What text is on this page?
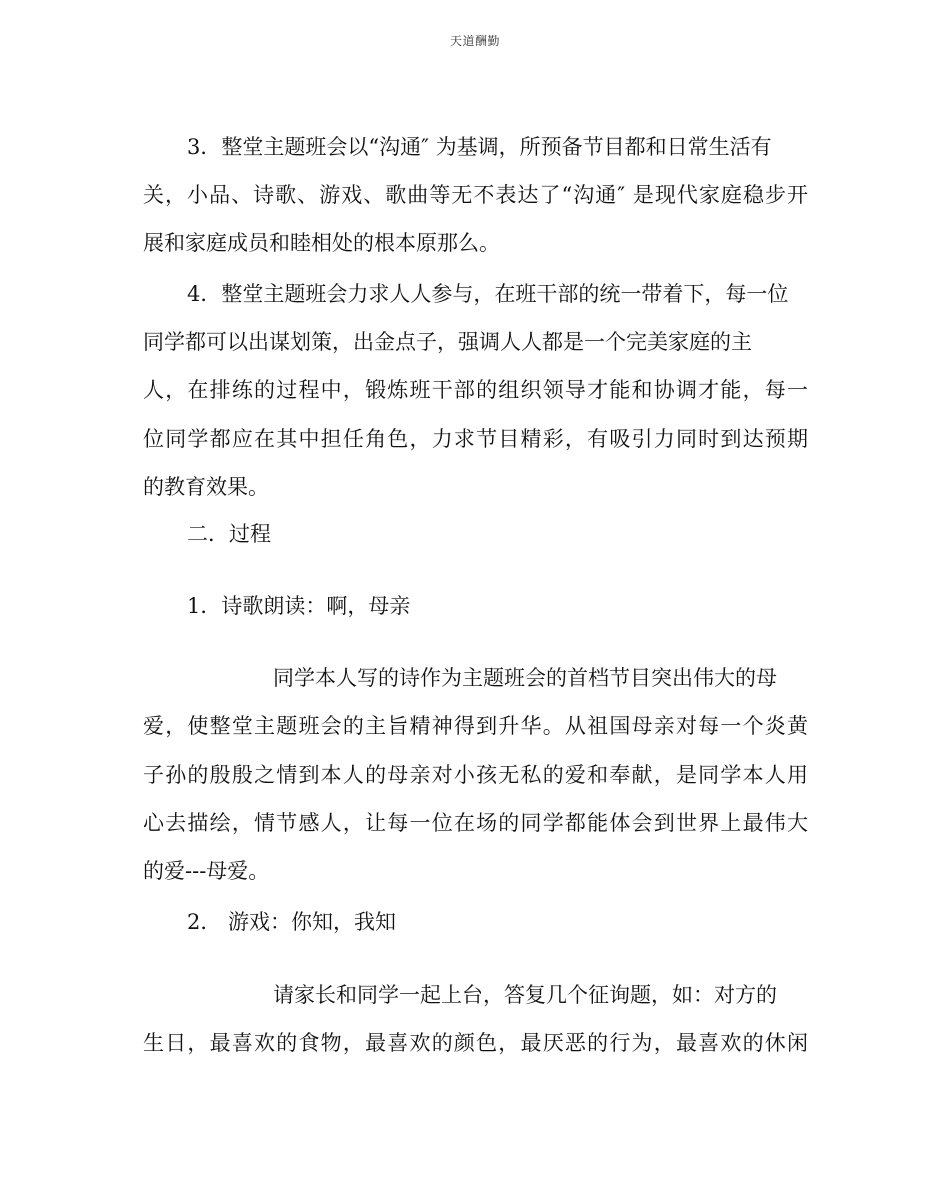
天道酬勤
3．整堂主题班会以“沟通″ 为基调，所预备节目都和日常生活有
关，小品、诗歌、游戏、歌曲等无不表达了“沟通″ 是现代家庭稳步开
展和家庭成员和睦相处的根本原那么。
4．整堂主题班会力求人人参与，在班干部的统一带着下，每一位
同学都可以出谋划策，出金点子，强调人人都是一个完美家庭的主
人，在排练的过程中，锻炼班干部的组织领导才能和协调才能，每一
位同学都应在其中担任角色，力求节目精彩，有吸引力同时到达预期
的教育效果。
二．过程
1．诗歌朗读：啊，母亲
同学本人写的诗作为主题班会的首档节目突出伟大的母
爱，使整堂主题班会的主旨精神得到升华。从祖国母亲对每一个炎黄
子孙的殷殷之情到本人的母亲对小孩无私的爱和奉献，是同学本人用
心去描绘，情节感人，让每一位在场的同学都能体会到世界上最伟大
的爱---母爱。
2． 游戏：你知，我知
请家长和同学一起上台，答复几个征询题，如：对方的
生日，最喜欢的食物，最喜欢的颜色，最厌恶的行为，最喜欢的休闲
